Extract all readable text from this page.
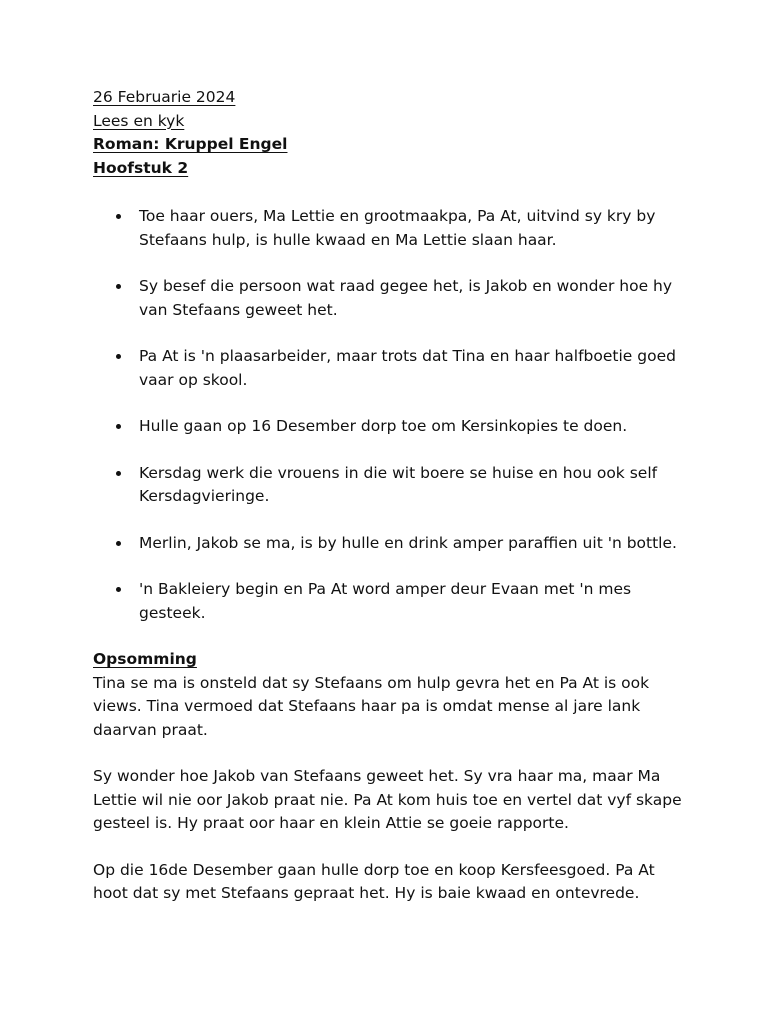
26 Februarie 2024
Lees en kyk
Roman: Kruppel Engel
Hoofstuk 2
Toe haar ouers, Ma Lettie en grootmaakpa, Pa At, uitvind sy kry by Stefaans hulp, is hulle kwaad en Ma Lettie slaan haar.
Sy besef die persoon wat raad gegee het, is Jakob en wonder hoe hy van Stefaans geweet het.
Pa At is 'n plaasarbeider, maar trots dat Tina en haar halfboetie goed vaar op skool.
Hulle gaan op 16 Desember dorp toe om Kersinkopies te doen.
Kersdag werk die vrouens in die wit boere se huise en hou ook self Kersdagvieringe.
Merlin, Jakob se ma, is by hulle en drink amper paraffien uit 'n bottle.
'n Bakleiery begin en Pa At word amper deur Evaan met 'n mes gesteek.
Opsomming

Tina se ma is onsteld dat sy Stefaans om hulp gevra het en Pa At is ook views. Tina vermoed dat Stefaans haar pa is omdat mense al jare lank daarvan praat.

Sy wonder hoe Jakob van Stefaans geweet het. Sy vra haar ma, maar Ma Lettie wil nie oor Jakob praat nie. Pa At kom huis toe en vertel dat vyf skape gesteel is. Hy praat oor haar en klein Attie se goeie rapporte.

Op die 16de Desember gaan hulle dorp toe en koop Kersfeesgoed. Pa At hoot dat sy met Stefaans gepraat het. Hy is baie kwaad en ontevrede.
